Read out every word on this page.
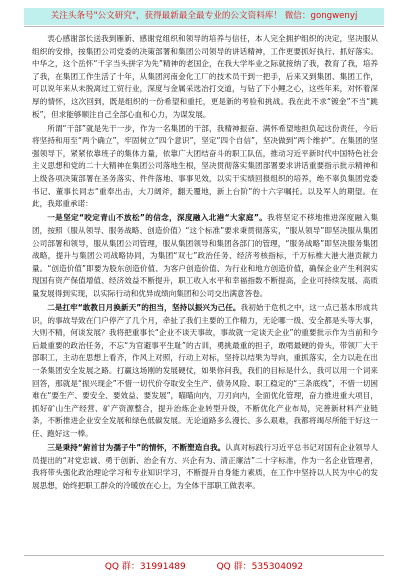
关注头条号"公文研究"，获得最新最全最专业的公文资料库！ 微信：gongwenyj

衷心感谢部长送我到雁新、感谢党组织和领导的培养与信任，本人完全拥护组织的决定，坚决服从组织的安排，按集团公司党委的决策部署和集团公司领导的讲话精神，工作更要抓好执行、抓好落实。中华之，这个岳怀“千字当头拼字为先”精神的老国企，在我大学毕业之际就接纳了我，教育了我，培养了我，在集团工作生活了十年，从集团河南金化工厂的技术员干到一把手，后来又到集团、集团工作，可以说年来从未脱离过工贸行业，深度与金属采选冶打交道，与钻了下小鲤之心，这些年来，对怀着深厚的情怀，这次回到，既是组织的一份希望和重托，更是新的考验和挑战。我在此不求“镀金”不当“跳板”，但求能够顺注自己全部心血和心力，为谋发展。

所谓“干部”就是先干一步，作为一名集团的干部，我精神振奋、满怀希望地担负起这份责任，今后将坚持和用至“两个确立”，牢固树立“四个意识”，坚定“四个自信”，坚决做到“两个维护”。在集团的坚强领导下，紧紧依靠班子的集体力量，依靠广大团结奋斗的职工队伍，推动习近平新时代中国特色社会主义思想和党的二十大精神在集团公司落地生根，坚决贯彻落实集团部署要求讲话重要指示批示精神和上级各项决策部署在圣务落实、件件落地、事事见效，以实干实绩回报组织的培养，绝不辜负集团党委书记、董事长同志“重奉出击，大刀阔斧，翻天覆地，新上台阶”的十六字嘱托。以及军人的期望。在此，我郑重承诺：

一是坚定“咬定青山不放松”的信念，深度融入北港“大家庭”。我将坚定不移地推进深度融入集团，按照（服从领导、服务战略、创造价值）“这个标准”要求秉贯彻落实，“服从领导”即坚决服从集团公司部署和领导，服从集团公司管理，服从集团领导和集团各部门的管理，“服务战略”即坚决服务集团战略，提升与集团公司战略协同，为集团“双七”政治任务、经济考核指标，千万标椎大港大港贡献力量。“创造价值”即要为股东创造价值、为客户创造价值、为行业和地方创造价值，确保企业产生利润实现国有资产保值增值、经济效益不断提升，职工收入水平和幸福指数不断提高，企业可持续发展、高质量发展得到实现，以实际行动和优异成绩向集团和公司交出满意答卷。

二是扛牢“敢教日月换新天”的担当，坚持以振兴为己任。我初始于危机之中，这一点已基本形成共识，的事故导致在门户停产了几个月，牵扯了我们主要的工作精力，无论哪一级、安全都是头等大事，大则不精，何谈发展？我将把重事长“企业不谈天事故，事故就一定谈天企业”的重要批示作为当前和今后最重要的政治任务，不忘“为官避事平生耻”的古训，勇挑最重的担子，敢啃最硬的骨头，带领厂大干部职工，主动在思想上看齐，作风上对照，行动上对标，坚持以结果为导向，重抓落实，全力以赴在出一条集团安全发展之路。打赢这场刚的发展硬仗，如果你问我，我们的目标是什么，我可以用一个词来回答，那就是“振兴现企”不惜一切代价夺取安全生产、债务风险、职工稳定的“三条底线”，不惜一切困难在“要生产、要安全、要效益、要发展”，瞄瞄向内，刀刃向内，全面优化管理，奋力推进重大项目，抓好矿山生产经营、矿产资源整合，提升治炼企业转型升级，不断优化产业布局，完善新材料产业链条，不断推进企业安全发展和绿色低碳发展。无论道路多么漫长、多么艰难，我都将竭尽所能干好这一任、跑好这一棒。

三是秉持“俯首甘为孺子牛”的情怀，不断塑造自我。认真对标践行习近平总书记对国有企业领导人员提出的“对党忠诚、勇于创新、治企有方、兴企有为、清正廉洁”二十字标准，作为一名企业管理者，我将带头强化政治理论学习和专业知识学习，不断提升自身能力素质，在工作中坚持以人民为中心的发展思想，始终把职工群众的冷暖放在心上，为全体干部职工做表率。

QQ 群：31991489	QQ 群：535304092
